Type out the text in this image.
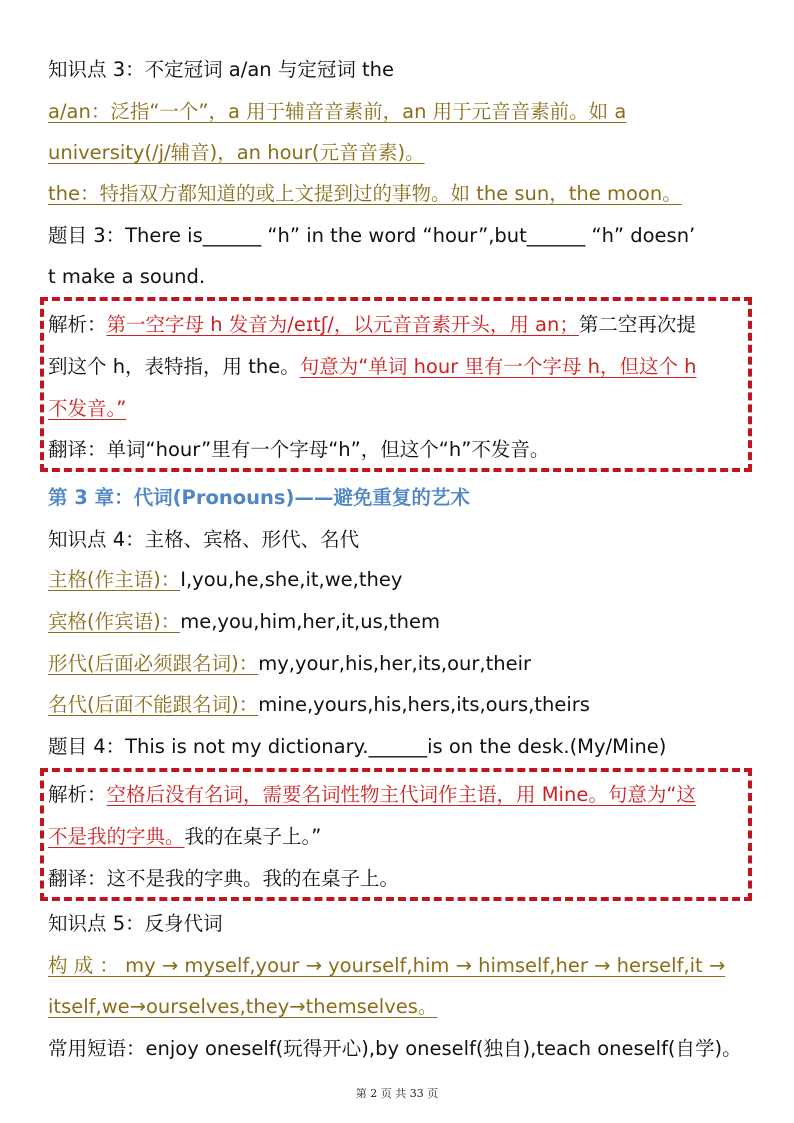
知识点 3：不定冠词 a/an 与定冠词 the
a/an：泛指“一个”，a 用于辅音音素前，an 用于元音音素前。如 a
university(/j/辅音)，an hour(元音音素)。
the：特指双方都知道的或上文提到过的事物。如 the sun，the moon。
题目 3：There is______ “h” in the word “hour”,but______ “h” doesn’
t make a sound.
解析：第一空字母 h 发音为/eɪtʃ/，以元音音素开头，用 an；第二空再次提
到这个 h，表特指，用 the。句意为“单词 hour 里有一个字母 h，但这个 h
不发音。”
翻译：单词“hour”里有一个字母“h”，但这个“h”不发音。
第 3 章：代词(Pronouns)——避免重复的艺术
知识点 4：主格、宾格、形代、名代
主格(作主语)：I,you,he,she,it,we,they
宾格(作宾语)：me,you,him,her,it,us,them
形代(后面必须跟名词)：my,your,his,her,its,our,their
名代(后面不能跟名词)：mine,yours,his,hers,its,ours,theirs
题目 4：This is not my dictionary.______is on the desk.(My/Mine)
解析：空格后没有名词，需要名词性物主代词作主语，用 Mine。句意为“这
不是我的字典。我的在桌子上。”
翻译：这不是我的字典。我的在桌子上。
知识点 5：反身代词
构 成 ： my → myself,your → yourself,him → himself,her → herself,it →
itself,we→ourselves,they→themselves。
常用短语：enjoy oneself(玩得开心),by oneself(独自),teach oneself(自学)。
第 2 页 共 33 页
